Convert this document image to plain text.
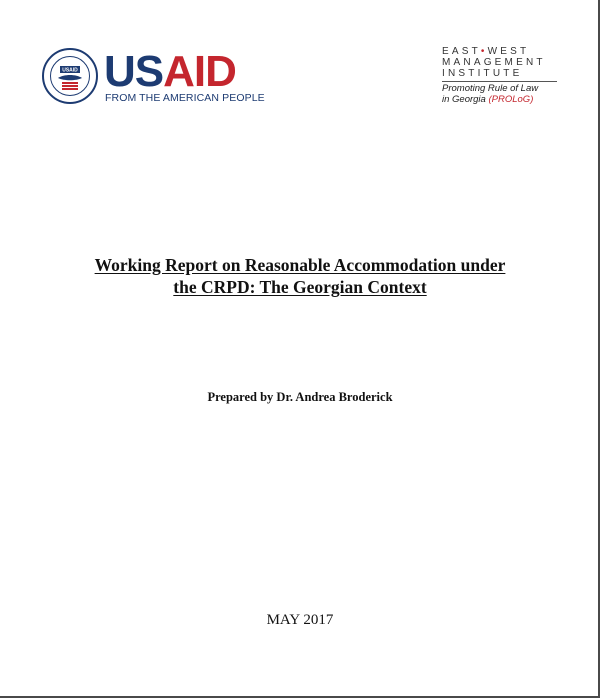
USAID USAID
FROM THE AMERICAN PEOPLE
EAST•WEST
MANAGEMENT
INSTITUTE
Promoting Rule of Law
in Georgia (PROLoG)
Working Report on Reasonable Accommodation under
the CRPD: The Georgian Context
Prepared by Dr. Andrea Broderick
MAY 2017
